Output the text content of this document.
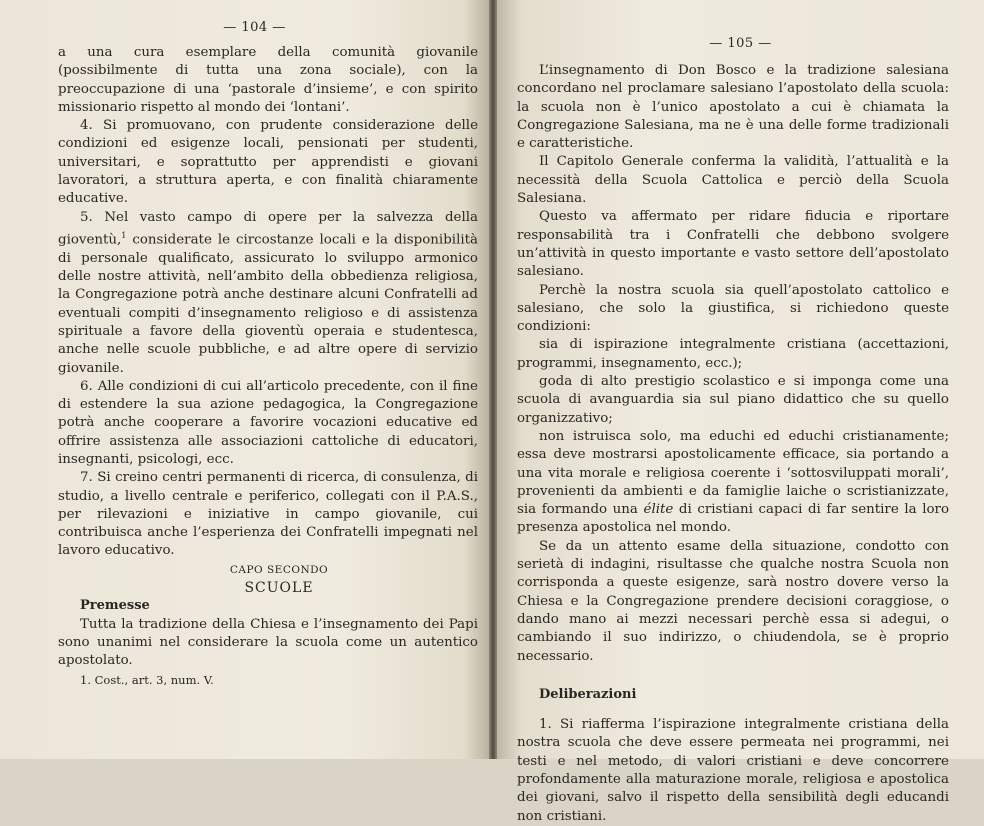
— 104 —

a una cura esemplare della comunità giovanile (possibilmente di tutta una zona sociale), con la preoccupazione di una ‘pastorale d’insieme’, e con spirito missionario rispetto al mondo dei ‘lontani’.

4. Si promuovano, con prudente considerazione delle condizioni ed esigenze locali, pensionati per studenti, universitari, e soprattutto per apprendisti e giovani lavoratori, a struttura aperta, e con finalità chiaramente educative.

5. Nel vasto campo di opere per la salvezza della gioventù,$^1$ considerate le circostanze locali e la disponibilità di personale qualificato, assicurato lo sviluppo armonico delle nostre attività, nell’ambito della obbedienza religiosa, la Congregazione potrà anche destinare alcuni Confratelli ad eventuali compiti d’insegnamento religioso e di assistenza spirituale a favore della gioventù operaia e studentesca, anche nelle scuole pubbliche, e ad altre opere di servizio giovanile.

6. Alle condizioni di cui all’articolo precedente, con il fine di estendere la sua azione pedagogica, la Congregazione potrà anche cooperare a favorire vocazioni educative ed offrire assistenza alle associazioni cattoliche di educatori, insegnanti, psicologi, ecc.

7. Si creino centri permanenti di ricerca, di consulenza, di studio, a livello centrale e periferico, collegati con il P.A.S., per rilevazioni e iniziative in campo giovanile, cui contribuisca anche l’esperienza dei Confratelli impegnati nel lavoro educativo.

CAPO SECONDO

SCUOLE

Premesse

Tutta la tradizione della Chiesa e l’insegnamento dei Papi sono unanimi nel considerare la scuola come un autentico apostolato.

1. Cost., art. 3, num. V.

— 105 —

L’insegnamento di Don Bosco e la tradizione salesiana concordano nel proclamare salesiano l’apostolato della scuola: la scuola non è l’unico apostolato a cui è chiamata la Congregazione Salesiana, ma ne è una delle forme tradizionali e caratteristiche.

Il Capitolo Generale conferma la validità, l’attualità e la necessità della Scuola Cattolica e perciò della Scuola Salesiana.

Questo va affermato per ridare fiducia e riportare responsabilità tra i Confratelli che debbono svolgere un’attività in questo importante e vasto settore dell’apostolato salesiano.

Perchè la nostra scuola sia quell’apostolato cattolico e salesiano, che solo la giustifica, si richiedono queste condizioni:

sia di ispirazione integralmente cristiana (accettazioni, programmi, insegnamento, ecc.);

goda di alto prestigio scolastico e si imponga come una scuola di avanguardia sia sul piano didattico che su quello organizzativo;

non istruisca solo, ma educhi ed educhi cristianamente; essa deve mostrarsi apostolicamente efficace, sia portando a una vita morale e religiosa coerente i ‘sottosviluppati morali’, provenienti da ambienti e da famiglie laiche o scristianizzate, sia formando una élite di cristiani capaci di far sentire la loro presenza apostolica nel mondo.

Se da un attento esame della situazione, condotto con serietà di indagini, risultasse che qualche nostra Scuola non corrisponda a queste esigenze, sarà nostro dovere verso la Chiesa e la Congregazione prendere decisioni coraggiose, o dando mano ai mezzi necessari perchè essa si adegui, o cambiando il suo indirizzo, o chiudendola, se è proprio necessario.

Deliberazioni

1. Si riafferma l’ispirazione integralmente cristiana della nostra scuola che deve essere permeata nei programmi, nei testi e nel metodo, di valori cristiani e deve concorrere profondamente alla maturazione morale, religiosa e apostolica dei giovani, salvo il rispetto della sensibilità degli educandi non cristiani.
